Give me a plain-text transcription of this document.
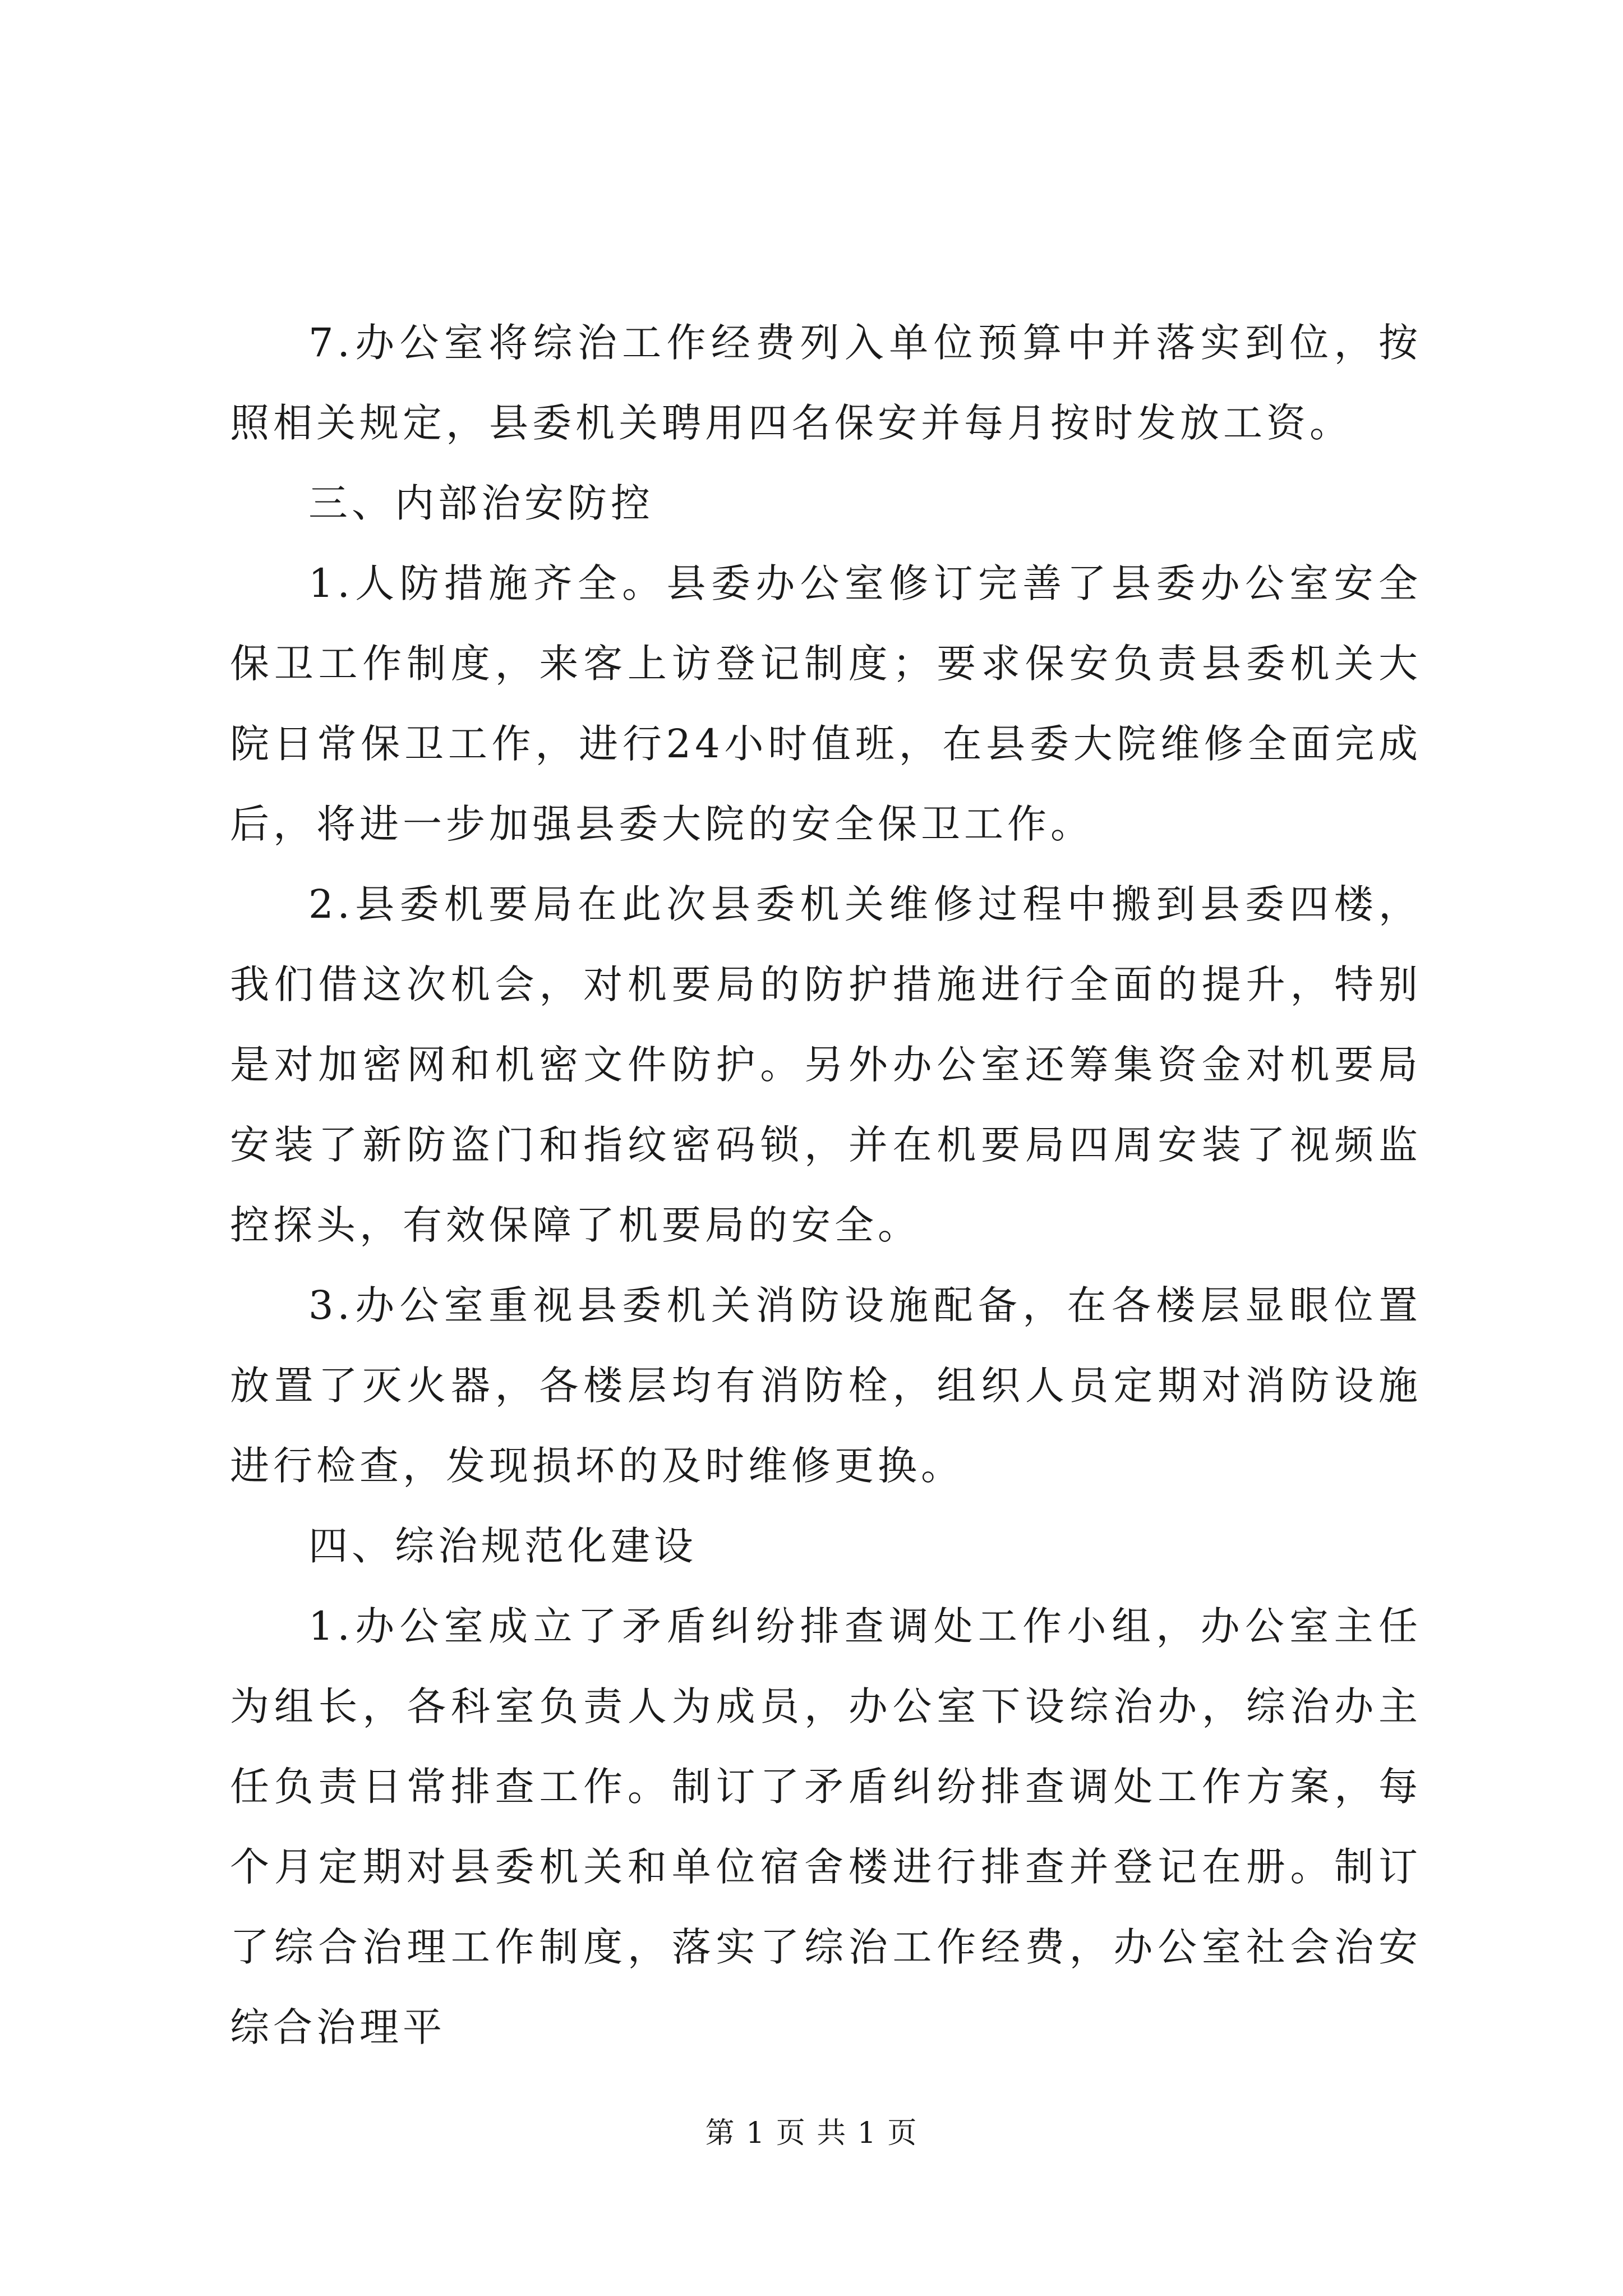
7.办公室将综治工作经费列入单位预算中并落实到位，按照相关规定，县委机关聘用四名保安并每月按时发放工资。

三、内部治安防控

1.人防措施齐全。县委办公室修订完善了县委办公室安全保卫工作制度，来客上访登记制度；要求保安负责县委机关大院日常保卫工作，进行24小时值班，在县委大院维修全面完成后，将进一步加强县委大院的安全保卫工作。

2.县委机要局在此次县委机关维修过程中搬到县委四楼，我们借这次机会，对机要局的防护措施进行全面的提升，特别是对加密网和机密文件防护。另外办公室还筹集资金对机要局安装了新防盗门和指纹密码锁，并在机要局四周安装了视频监控探头，有效保障了机要局的安全。

3.办公室重视县委机关消防设施配备，在各楼层显眼位置放置了灭火器，各楼层均有消防栓，组织人员定期对消防设施进行检查，发现损坏的及时维修更换。

四、综治规范化建设

1.办公室成立了矛盾纠纷排查调处工作小组，办公室主任为组长，各科室负责人为成员，办公室下设综治办，综治办主任负责日常排查工作。制订了矛盾纠纷排查调处工作方案，每个月定期对县委机关和单位宿舍楼进行排查并登记在册。制订了综合治理工作制度，落实了综治工作经费，办公室社会治安综合治理平

第 1 页 共 1 页
